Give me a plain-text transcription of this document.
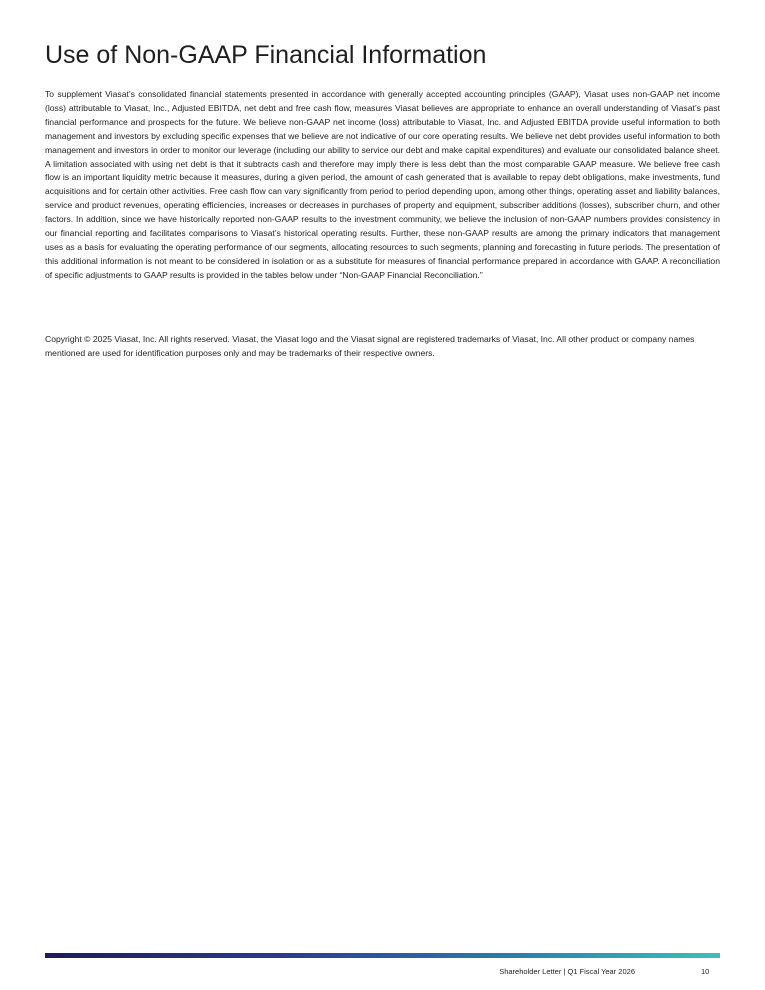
Use of Non-GAAP Financial Information

To supplement Viasat’s consolidated financial statements presented in accordance with generally accepted accounting principles (GAAP), Viasat uses non-GAAP net income (loss) attributable to Viasat, Inc., Adjusted EBITDA, net debt and free cash flow, measures Viasat believes are appropriate to enhance an overall understanding of Viasat’s past financial performance and prospects for the future. We believe non-GAAP net income (loss) attributable to Viasat, Inc. and Adjusted EBITDA provide useful information to both management and investors by excluding specific expenses that we believe are not indicative of our core operating results. We believe net debt provides useful information to both management and investors in order to monitor our leverage (including our ability to service our debt and make capital expenditures) and evaluate our consolidated balance sheet. A limitation associated with using net debt is that it subtracts cash and therefore may imply there is less debt than the most comparable GAAP measure. We believe free cash flow is an important liquidity metric because it measures, during a given period, the amount of cash generated that is available to repay debt obligations, make investments, fund acquisitions and for certain other activities. Free cash flow can vary significantly from period to period depending upon, among other things, operating asset and liability balances, service and product revenues, operating efficiencies, increases or decreases in purchases of property and equipment, subscriber additions (losses), subscriber churn, and other factors. In addition, since we have historically reported non-GAAP results to the investment community, we believe the inclusion of non-GAAP numbers provides consistency in our financial reporting and facilitates comparisons to Viasat’s historical operating results. Further, these non-GAAP results are among the primary indicators that management uses as a basis for evaluating the operating performance of our segments, allocating resources to such segments, planning and forecasting in future periods. The presentation of this additional information is not meant to be considered in isolation or as a substitute for measures of financial performance prepared in accordance with GAAP. A reconciliation of specific adjustments to GAAP results is provided in the tables below under “Non-GAAP Financial Reconciliation.”

Copyright © 2025 Viasat, Inc. All rights reserved. Viasat, the Viasat logo and the Viasat signal are registered trademarks of Viasat, Inc. All other product or company names mentioned are used for identification purposes only and may be trademarks of their respective owners.

Shareholder Letter | Q1 Fiscal Year 2026	10
